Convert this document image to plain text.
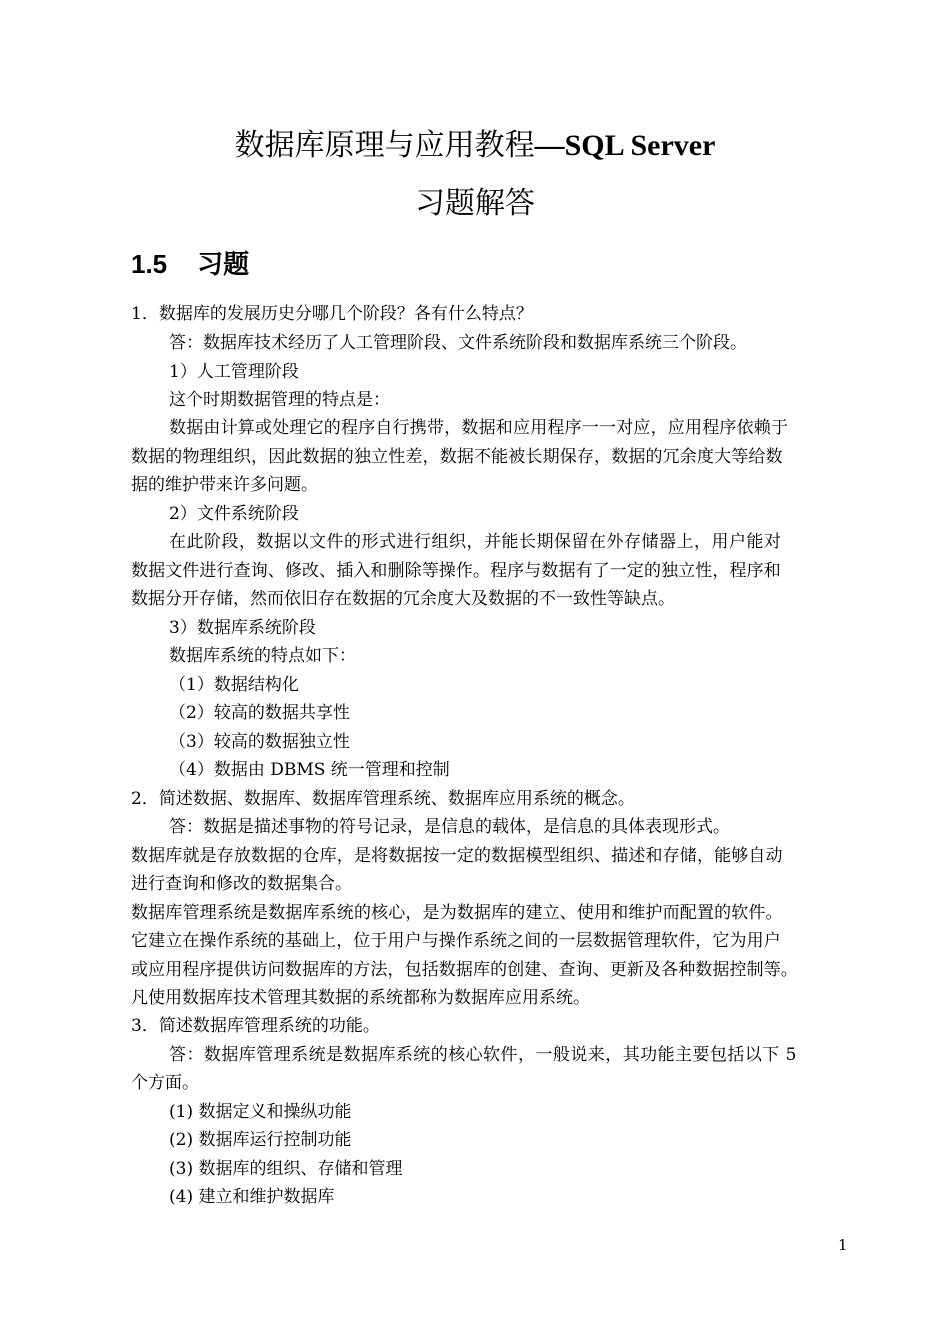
数据库原理与应用教程—SQL Server
习题解答
1.5 习题
1．数据库的发展历史分哪几个阶段？各有什么特点？
答：数据库技术经历了人工管理阶段、文件系统阶段和数据库系统三个阶段。
1）人工管理阶段
这个时期数据管理的特点是：
数据由计算或处理它的程序自行携带，数据和应用程序一一对应，应用程序依赖于
数据的物理组织，因此数据的独立性差，数据不能被长期保存，数据的冗余度大等给数
据的维护带来许多问题。
2）文件系统阶段
在此阶段，数据以文件的形式进行组织，并能长期保留在外存储器上，用户能对
数据文件进行查询、修改、插入和删除等操作。程序与数据有了一定的独立性，程序和
数据分开存储，然而依旧存在数据的冗余度大及数据的不一致性等缺点。
3）数据库系统阶段
数据库系统的特点如下：
（1）数据结构化
（2）较高的数据共享性
（3）较高的数据独立性
（4）数据由 DBMS 统一管理和控制
2．简述数据、数据库、数据库管理系统、数据库应用系统的概念。
答：数据是描述事物的符号记录，是信息的载体，是信息的具体表现形式。
数据库就是存放数据的仓库，是将数据按一定的数据模型组织、描述和存储，能够自动
进行查询和修改的数据集合。
数据库管理系统是数据库系统的核心，是为数据库的建立、使用和维护而配置的软件。
它建立在操作系统的基础上，位于用户与操作系统之间的一层数据管理软件，它为用户
或应用程序提供访问数据库的方法，包括数据库的创建、查询、更新及各种数据控制等。
凡使用数据库技术管理其数据的系统都称为数据库应用系统。
3．简述数据库管理系统的功能。
答：数据库管理系统是数据库系统的核心软件，一般说来，其功能主要包括以下 5
个方面。
(1) 数据定义和操纵功能
(2) 数据库运行控制功能
(3) 数据库的组织、存储和管理
(4) 建立和维护数据库
1
